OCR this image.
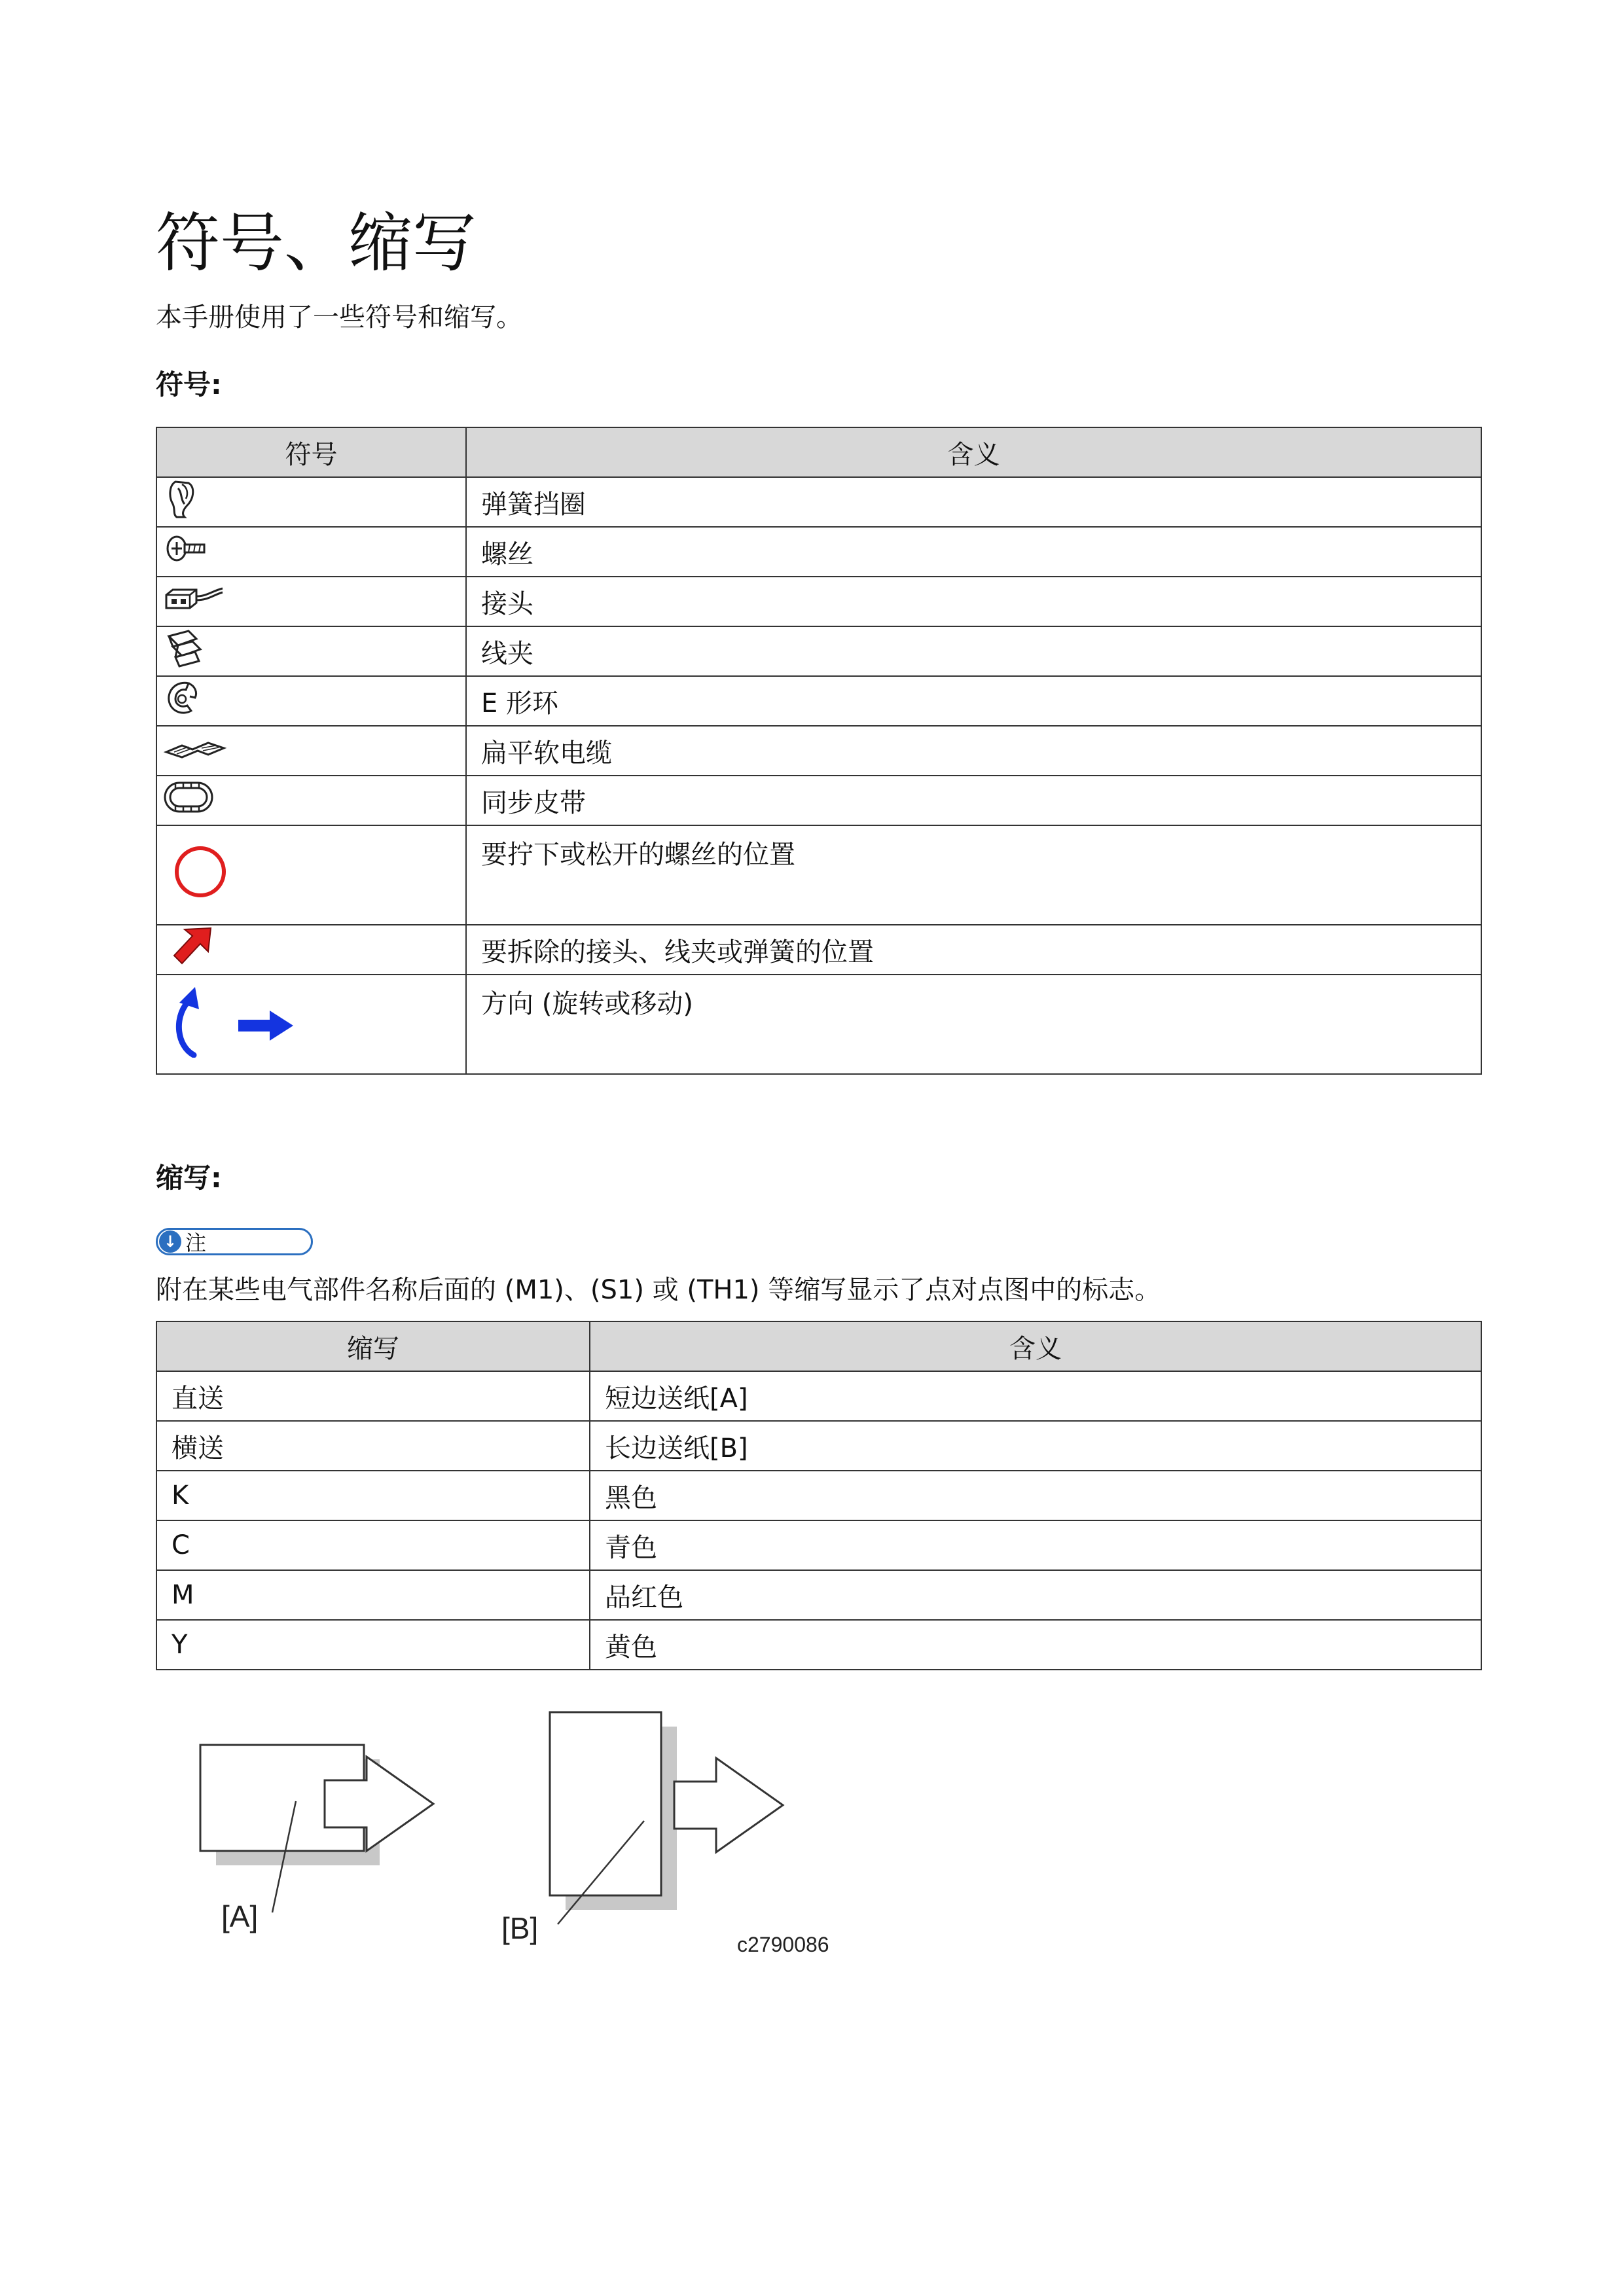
符号、缩写
本手册使用了一些符号和缩写。
符号:
符号	含义
	弹簧挡圈
	螺丝
	接头
	线夹
	E 形环
	扁平软电缆
	同步皮带
	要拧下或松开的螺丝的位置
	要拆除的接头、线夹或弹簧的位置
	方向 (旋转或移动)
缩写:
↓ 注
附在某些电气部件名称后面的 (M1)、(S1) 或 (TH1) 等缩写显示了点对点图中的标志。
缩写	含义
直送	短边送纸[A]
横送	长边送纸[B]
K	黑色
C	青色
M	品红色
Y	黄色
[A]	[B]	c2790086
